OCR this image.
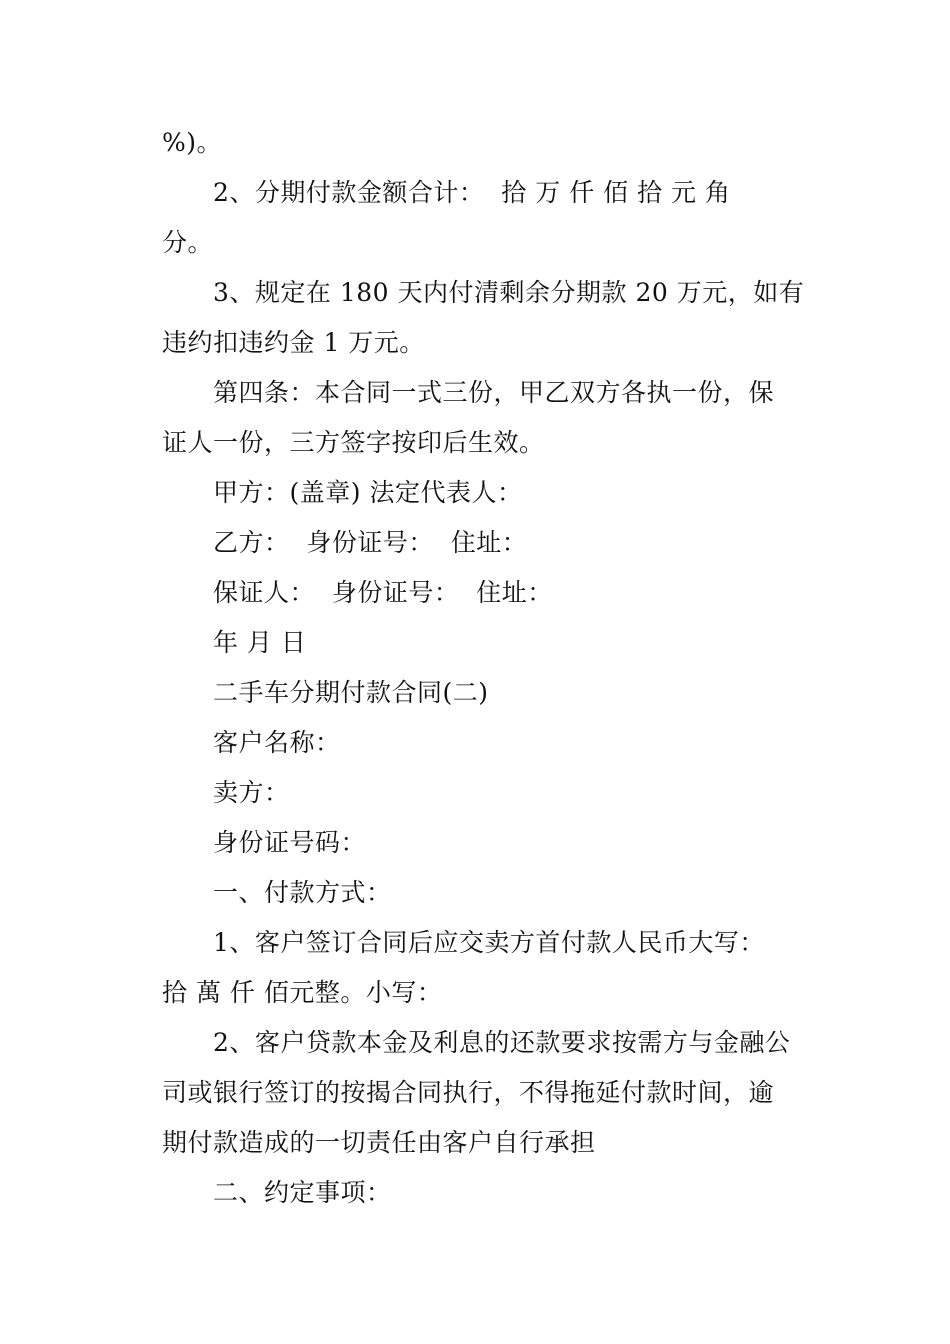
%)。
2、分期付款金额合计：  拾 万 仟 佰 拾 元 角
分。
3、规定在 180 天内付清剩余分期款 20 万元，如有
违约扣违约金 1 万元。
第四条：本合同一式三份，甲乙双方各执一份，保
证人一份，三方签字按印后生效。
甲方：(盖章) 法定代表人：
乙方：  身份证号：  住址：
保证人：  身份证号：  住址：
年 月 日
二手车分期付款合同(二)
客户名称：
卖方：
身份证号码：
一、付款方式：
1、客户签订合同后应交卖方首付款人民币大写：
拾 萬 仟 佰元整。小写：
2、客户贷款本金及利息的还款要求按需方与金融公
司或银行签订的按揭合同执行，不得拖延付款时间，逾
期付款造成的一切责任由客户自行承担
二、约定事项：
